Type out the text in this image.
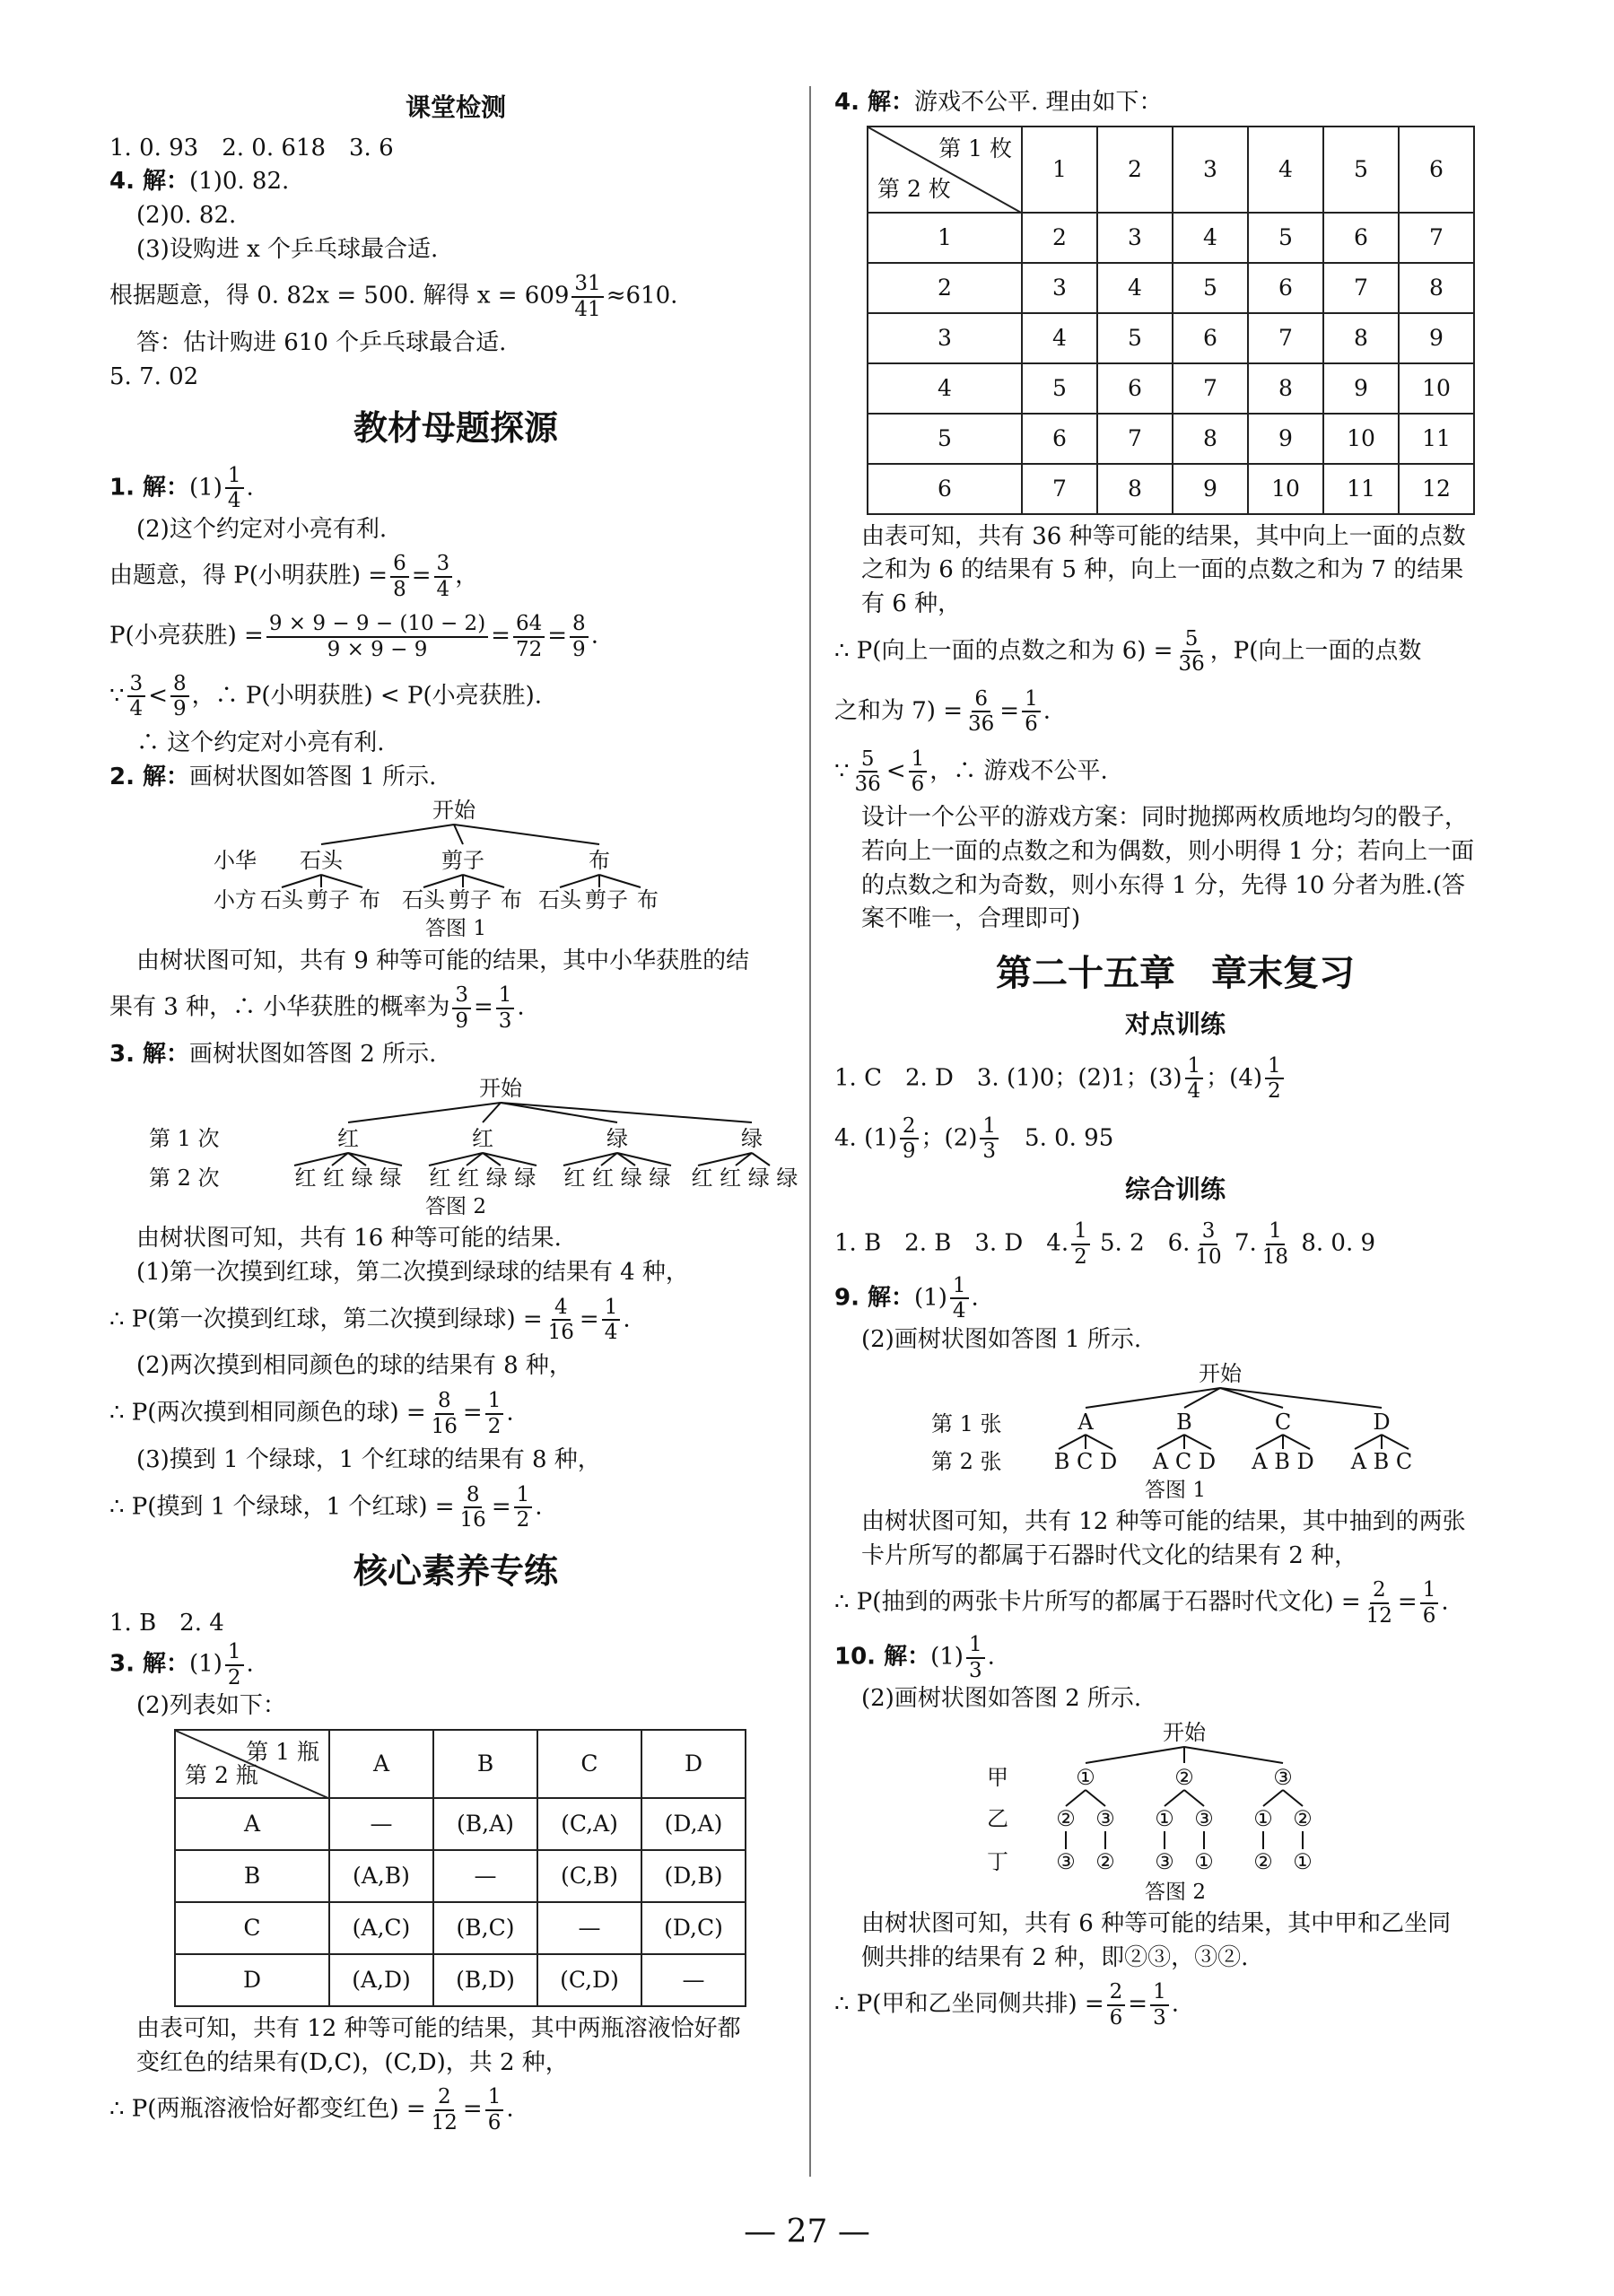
课堂检测
1. 0. 93　2. 0. 618　3. 6
4. 解：(1)0. 82.
(2)0. 82.
(3)设购进 x 个乒乓球最合适.
根据题意，得 0. 82x = 500. 解得 $x = 609 \frac{31}{41} \approx 610$.
答：估计购进 610 个乒乓球最合适.
5. 7. 02
教材母题探源
1. 解：$(1) \frac{1}{4}$ .
(2)这个约定对小亮有利.
由题意，得 P(小明获胜) = $\frac{6}{8} = \frac{3}{4}$ ，
P(小亮获胜) = $\frac{9 \times 9 - 9 - (10 - 2)}{9 \times 9 - 9} = \frac{64}{72} = \frac{8}{9}$ .
∵ $\frac{3}{4} < \frac{8}{9}$ ，∴ P(小明获胜) < P(小亮获胜).
∴ 这个约定对小亮有利.
2. 解：画树状图如答图 1 所示.
开始
小华 石头	剪子	布
小方 石头 剪子 布 石头 剪子 布 石头 剪子 布
答图 1
由树状图可知，共有 9 种等可能的结果，其中小华获胜的结
果有 3 种，∴ 小华获胜的概率为 $\frac{3}{9} = \frac{1}{3}$ .
3. 解：画树状图如答图 2 所示.
开始
第 1 次	红	红	绿	绿
第 2 次	红 红 绿 绿 红 红 绿 绿 红 红 绿 绿 红 红 绿 绿
答图 2
由树状图可知，共有 16 种等可能的结果.
(1)第一次摸到红球，第二次摸到绿球的结果有 4 种，
∴ P(第一次摸到红球，第二次摸到绿球) = $\frac{4}{16} = \frac{1}{4}$ .
(2)两次摸到相同颜色的球的结果有 8 种，
∴ P(两次摸到相同颜色的球) = $\frac{8}{16} = \frac{1}{2}$ .
(3)摸到 1 个绿球，1 个红球的结果有 8 种，
∴ P(摸到 1 个绿球，1 个红球) = $\frac{8}{16} = \frac{1}{2}$ .
核心素养专练
1. B　2. 4
3. 解：$(1) \frac{1}{2}$ .
(2)列表如下：
第 1 瓶
第 2 瓶	A	B	C	D
A	—	(B,A)	(C,A)	(D,A)
B	(A,B)	—	(C,B)	(D,B)
C	(A,C)	(B,C)	—	(D,C)
D	(A,D)	(B,D)	(C,D)	—
由表可知，共有 12 种等可能的结果，其中两瓶溶液恰好都
变红色的结果有(D,C)，(C,D)，共 2 种，
∴ P(两瓶溶液恰好都变红色) = $\frac{2}{12} = \frac{1}{6}$ .
4. 解：游戏不公平. 理由如下：
第 1 枚
第 2 枚	1	2	3	4	5	6
1	2	3	4	5	6	7
2	3	4	5	6	7	8
3	4	5	6	7	8	9
4	5	6	7	8	9	10
5	6	7	8	9	10	11
6	7	8	9	10	11	12
由表可知，共有 36 种等可能的结果，其中向上一面的点数
之和为 6 的结果有 5 种，向上一面的点数之和为 7 的结果
有 6 种，
∴ P(向上一面的点数之和为 $6) = \frac{5}{36}$ ，P(向上一面的点数
之和为 $7) = \frac{6}{36} = \frac{1}{6}$ .
∵ $\frac{5}{36} < \frac{1}{6}$ ，∴ 游戏不公平.
设计一个公平的游戏方案：同时抛掷两枚质地均匀的骰子，
若向上一面的点数之和为偶数，则小明得 1 分；若向上一面
的点数之和为奇数，则小东得 1 分，先得 10 分者为胜.(答
案不唯一，合理即可)
第二十五章　章末复习
对点训练
1. C　2. D　3. (1)0；(2)1；$(3) \frac{1}{4}$ ；$(4) \frac{1}{2}$
4. $(1) \frac{2}{9}$ ；$(2) \frac{1}{3}$ 　5. 0. 95
综合训练
1. B　2. B　3. D　4. $\frac{1}{2} 5$. 2　6. $\frac{3}{10} 7$. $\frac{1}{18} 8$. 0. 9
9. 解：$(1) \frac{1}{4}$ .
(2)画树状图如答图 1 所示.
开始
第 1 张	A	B	C	D
第 2 张 B C D A C D A B D A B C
答图 1
由树状图可知，共有 12 种等可能的结果，其中抽到的两张
卡片所写的都属于石器时代文化的结果有 2 种，
∴ P(抽到的两张卡片所写的都属于石器时代文化) = $\frac{2}{12} = \frac{1}{6}$ .
10. 解：$(1) \frac{1}{3}$ .
(2)画树状图如答图 2 所示.
开始
甲	①	②	③
乙 ② ③ ① ③ ① ②
丁 ③ ② ③ ① ② ①
答图 2
由树状图可知，共有 6 种等可能的结果，其中甲和乙坐同
侧共排的结果有 2 种，即②③，③②.
∴ P(甲和乙坐同侧共排) = $\frac{2}{6} = \frac{1}{3}$ .
— 27 —
